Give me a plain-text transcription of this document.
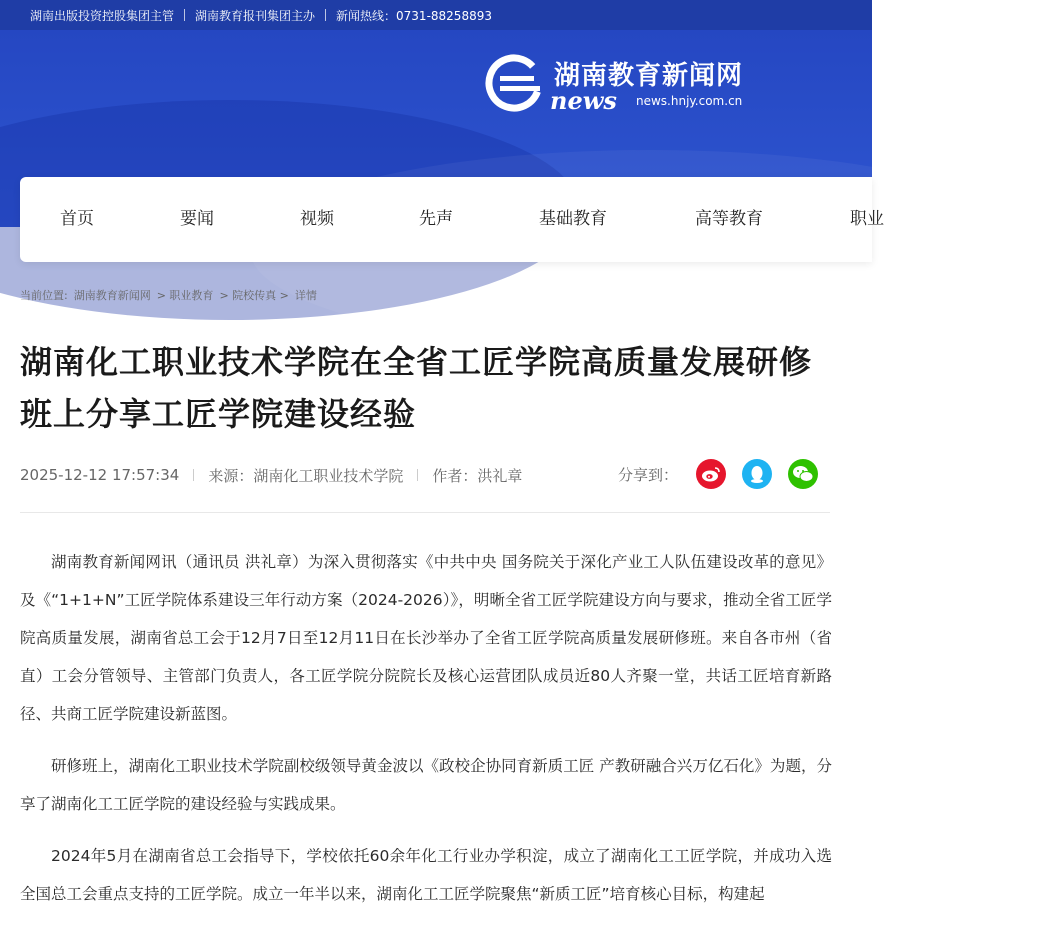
湖南出版投资控股集团主管 湖南教育报刊集团主办 新闻热线：0731-88258893
湖南教育新闻网
news news.hnjy.com.cn
首页	要闻	视频	先声	基础教育	高等教育	职业
当前位置: 湖南教育新闻网 > 职业教育 > 院校传真 > 详情
湖南化工职业技术学院在全省工匠学院高质量发展研修班上分享工匠学院建设经验
2025-12-12 17:57:34 来源：湖南化工职业技术学院 作者：洪礼章	分享到：

湖南教育新闻网讯（通讯员 洪礼章）为深入贯彻落实《中共中央 国务院关于深化产业工人队伍建设改革的意见》及《“1+1+N”工匠学院体系建设三年行动方案（2024-2026）》，明晰全省工匠学院建设方向与要求，推动全省工匠学院高质量发展，湖南省总工会于12月7日至12月11日在长沙举办了全省工匠学院高质量发展研修班。来自各市州（省直）工会分管领导、主管部门负责人，各工匠学院分院院长及核心运营团队成员近80人齐聚一堂，共话工匠培育新路径、共商工匠学院建设新蓝图。

研修班上，湖南化工职业技术学院副校级领导黄金波以《政校企协同育新质工匠 产教研融合兴万亿石化》为题，分享了湖南化工工匠学院的建设经验与实践成果。

2024年5月在湖南省总工会指导下，学校依托60余年化工行业办学积淀，成立了湖南化工工匠学院，并成功入选全国总工会重点支持的工匠学院。成立一年半以来，湖南化工工匠学院聚焦“新质工匠”培育核心目标，构建起
